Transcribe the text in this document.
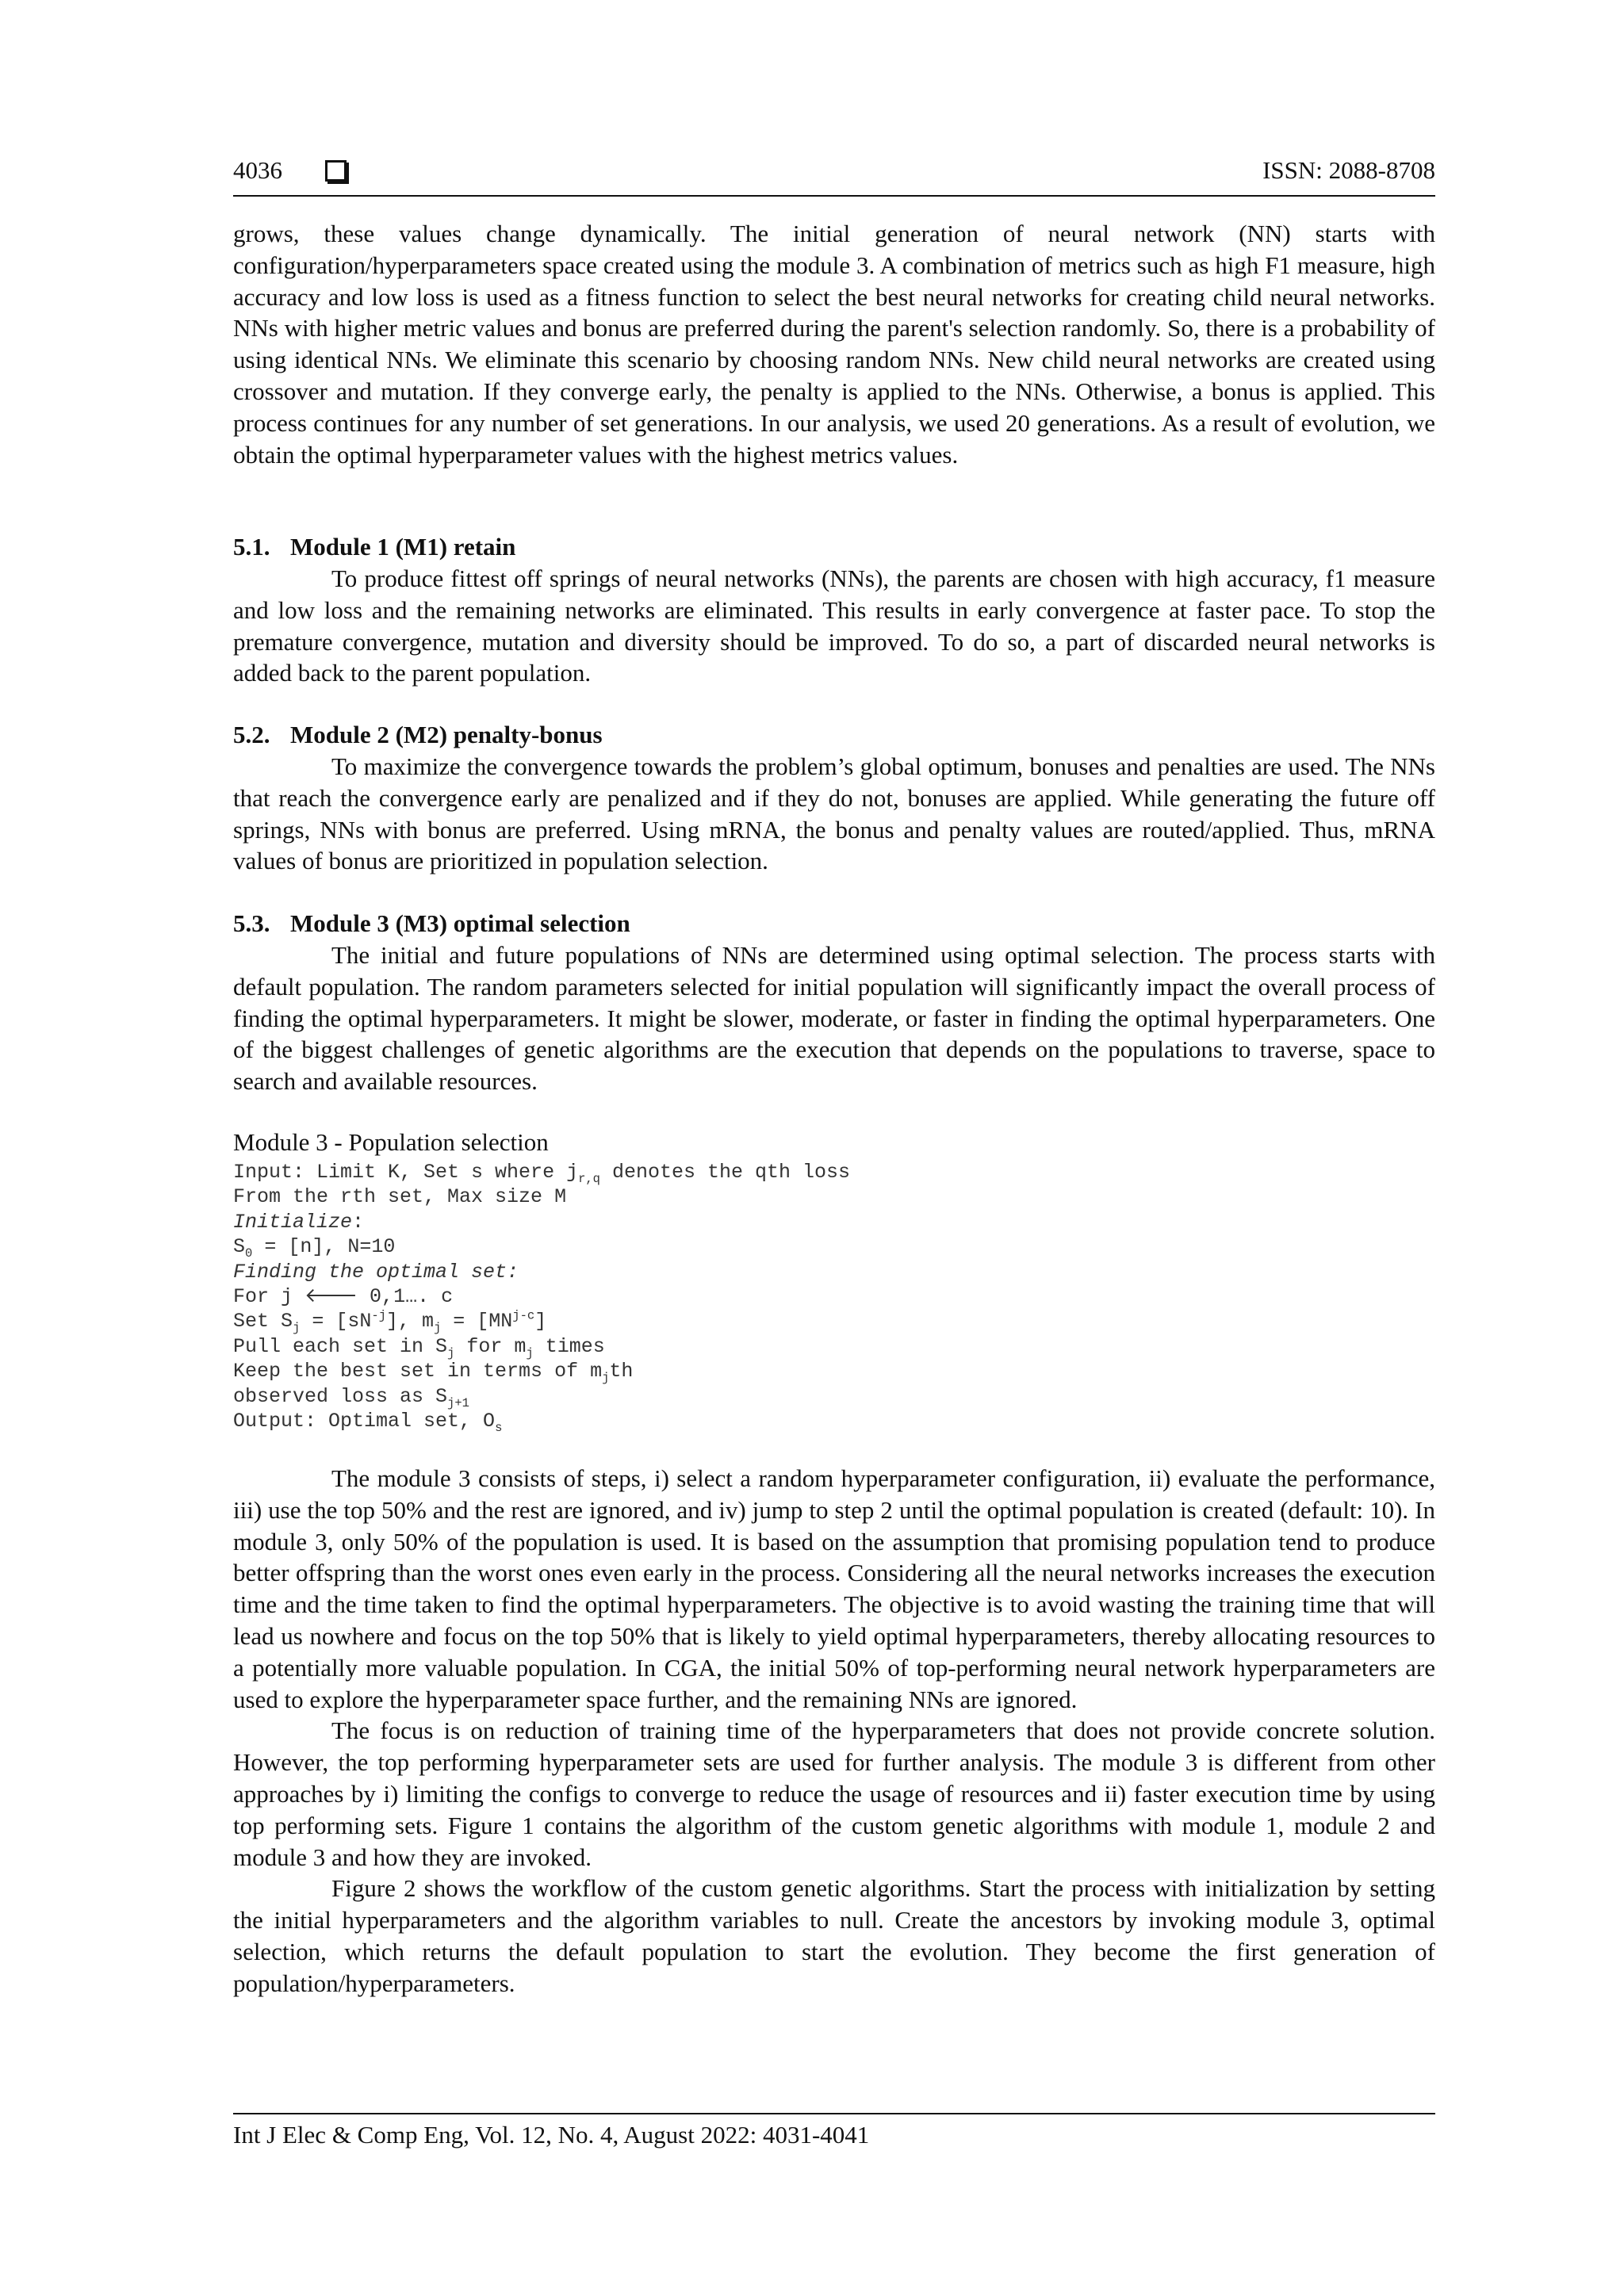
4036	ISSN: 2088-8708

grows, these values change dynamically. The initial generation of neural network (NN) starts with configuration/hyperparameters space created using the module 3. A combination of metrics such as high F1 measure, high accuracy and low loss is used as a fitness function to select the best neural networks for creating child neural networks. NNs with higher metric values and bonus are preferred during the parent's selection randomly. So, there is a probability of using identical NNs. We eliminate this scenario by choosing random NNs. New child neural networks are created using crossover and mutation. If they converge early, the penalty is applied to the NNs. Otherwise, a bonus is applied. This process continues for any number of set generations. In our analysis, we used 20 generations. As a result of evolution, we obtain the optimal hyperparameter values with the highest metrics values.

5.1. Module 1 (M1) retain

To produce fittest off springs of neural networks (NNs), the parents are chosen with high accuracy, f1 measure and low loss and the remaining networks are eliminated. This results in early convergence at faster pace. To stop the premature convergence, mutation and diversity should be improved. To do so, a part of discarded neural networks is added back to the parent population.

5.2. Module 2 (M2) penalty-bonus

To maximize the convergence towards the problem’s global optimum, bonuses and penalties are used. The NNs that reach the convergence early are penalized and if they do not, bonuses are applied. While generating the future off springs, NNs with bonus are preferred. Using mRNA, the bonus and penalty values are routed/applied. Thus, mRNA values of bonus are prioritized in population selection.

5.3. Module 3 (M3) optimal selection

The initial and future populations of NNs are determined using optimal selection. The process starts with default population. The random parameters selected for initial population will significantly impact the overall process of finding the optimal hyperparameters. It might be slower, moderate, or faster in finding the optimal hyperparameters. One of the biggest challenges of genetic algorithms are the execution that depends on the populations to traverse, space to search and available resources.

Module 3 - Population selection
Input: Limit K, Set s where $j_{r,q}$ denotes the qth loss
From the rth set, Max size M
Initialize:
$S_0 = [n]$, N=10
Finding the optimal set:
For j 🡐 0,1…. c
Set $S_j = [sN^{-j}]$, $m_j = [MN^{j-c}]$
Pull each set in $S_j$ for $m_j$ times
Keep the best set in terms of $m_jth$
observed loss as $S_{j+1}$
Output: Optimal set, $O_s$

The module 3 consists of steps, i) select a random hyperparameter configuration, ii) evaluate the performance, iii) use the top 50% and the rest are ignored, and iv) jump to step 2 until the optimal population is created (default: 10). In module 3, only 50% of the population is used. It is based on the assumption that promising population tend to produce better offspring than the worst ones even early in the process. Considering all the neural networks increases the execution time and the time taken to find the optimal hyperparameters. The objective is to avoid wasting the training time that will lead us nowhere and focus on the top 50% that is likely to yield optimal hyperparameters, thereby allocating resources to a potentially more valuable population. In CGA, the initial 50% of top-performing neural network hyperparameters are used to explore the hyperparameter space further, and the remaining NNs are ignored.

The focus is on reduction of training time of the hyperparameters that does not provide concrete solution. However, the top performing hyperparameter sets are used for further analysis. The module 3 is different from other approaches by i) limiting the configs to converge to reduce the usage of resources and ii) faster execution time by using top performing sets. Figure 1 contains the algorithm of the custom genetic algorithms with module 1, module 2 and module 3 and how they are invoked.

Figure 2 shows the workflow of the custom genetic algorithms. Start the process with initialization by setting the initial hyperparameters and the algorithm variables to null. Create the ancestors by invoking module 3, optimal selection, which returns the default population to start the evolution. They become the first generation of population/hyperparameters.

Int J Elec & Comp Eng, Vol. 12, No. 4, August 2022: 4031-4041
